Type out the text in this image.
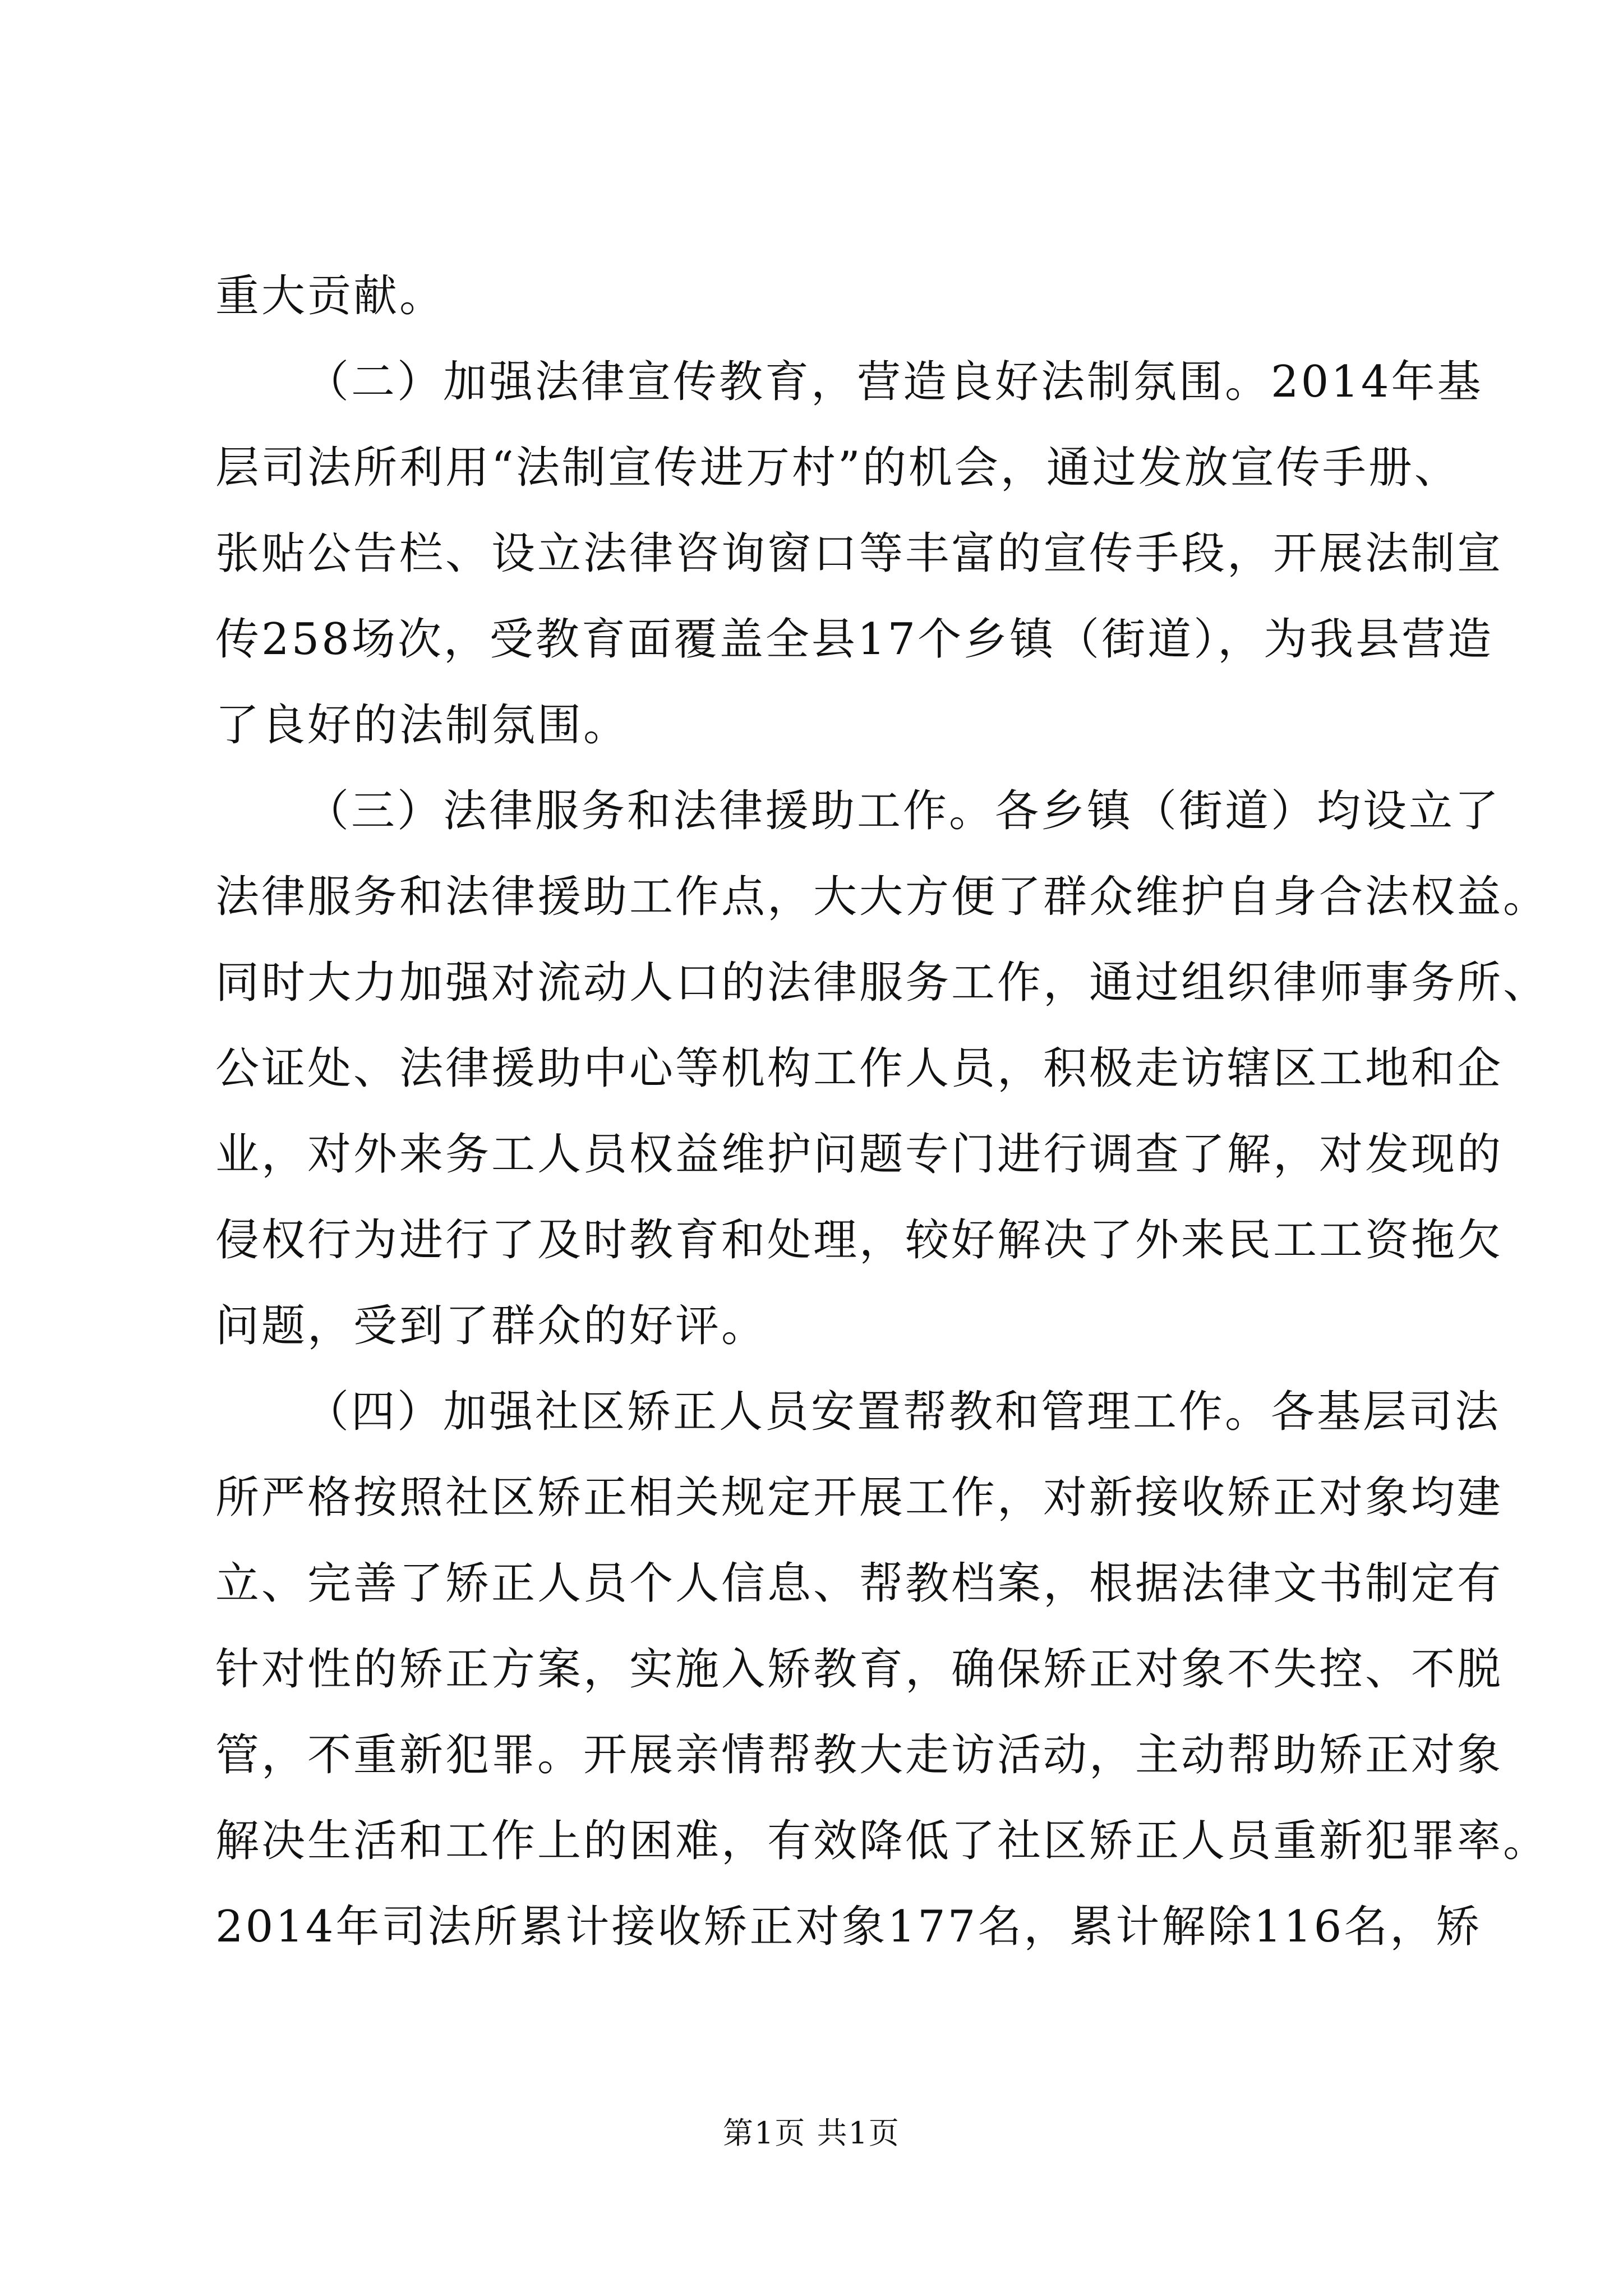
重大贡献。
（二）加强法律宣传教育，营造良好法制氛围。2014年基
层司法所利用“法制宣传进万村”的机会，通过发放宣传手册、
张贴公告栏、设立法律咨询窗口等丰富的宣传手段，开展法制宣
传258场次，受教育面覆盖全县17个乡镇（街道），为我县营造
了良好的法制氛围。
（三）法律服务和法律援助工作。各乡镇（街道）均设立了
法律服务和法律援助工作点，大大方便了群众维护自身合法权益。
同时大力加强对流动人口的法律服务工作，通过组织律师事务所、
公证处、法律援助中心等机构工作人员，积极走访辖区工地和企
业，对外来务工人员权益维护问题专门进行调查了解，对发现的
侵权行为进行了及时教育和处理，较好解决了外来民工工资拖欠
问题，受到了群众的好评。
（四）加强社区矫正人员安置帮教和管理工作。各基层司法
所严格按照社区矫正相关规定开展工作，对新接收矫正对象均建
立、完善了矫正人员个人信息、帮教档案，根据法律文书制定有
针对性的矫正方案，实施入矫教育，确保矫正对象不失控、不脱
管，不重新犯罪。开展亲情帮教大走访活动，主动帮助矫正对象
解决生活和工作上的困难，有效降低了社区矫正人员重新犯罪率。
2014年司法所累计接收矫正对象177名，累计解除116名，矫
第1页 共1页
